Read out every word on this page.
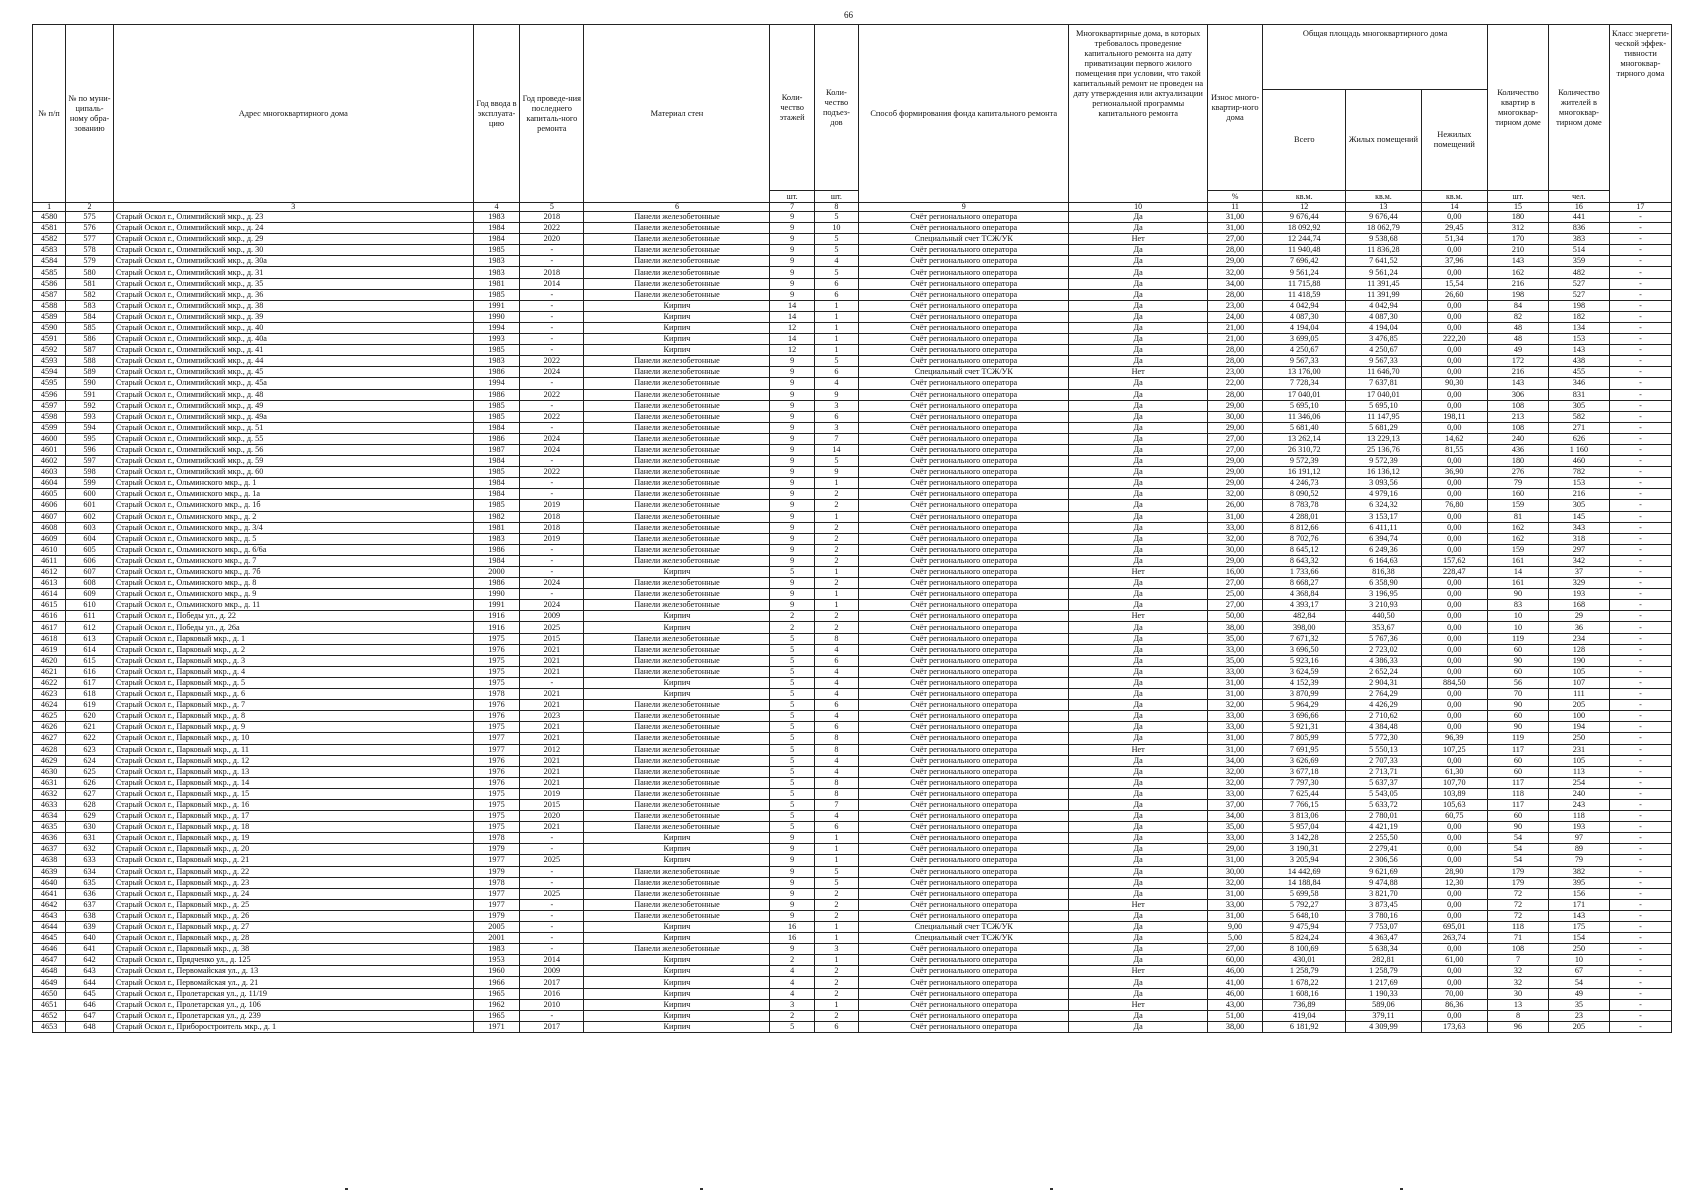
66
№ п/п	№ по муни-ципаль-ному обра-зованию	Адрес многоквартирного дома	Год ввода в эксплуата-цию	Год проведе-ния последнего капиталь-ного ремонта	Материал стен	Коли-чество этажей	Коли-чество подъез-дов	Способ формирования фонда капитального ремонта	Многоквартирные дома, в которых требовалось проведение капитального ремонта на дату приватизации первого жилого помещения при условии, что такой капитальный ремонт не проведен на дату утверждения или актуализации региональной программы капитального ремонта	Износ много-квартир-ного дома	Общая площадь многоквартирного дома			Количество квартир в многоквар-тирном доме	Количество жителей в многоквар-тирном доме	Класс энергети-ческой эффек-тивности многоквар-тирного дома
											Всего	Жилых помещений	Нежилых помещений			
						шт.	шт.			%	кв.м.	кв.м.	кв.м.	шт.	чел.	
1	2	3	4	5	6	7	8	9	10	11	12	13	14	15	16	17
4580	575	Старый Оскол г., Олимпийский мкр., д. 23	1983	2018	Панели железобетонные	9	5	Счёт регионального оператора	Да	31,00	9 676,44	9 676,44	0,00	180	441	-
4581	576	Старый Оскол г., Олимпийский мкр., д. 24	1984	2022	Панели железобетонные	9	10	Счёт регионального оператора	Да	31,00	18 092,92	18 062,79	29,45	312	836	-
4582	577	Старый Оскол г., Олимпийский мкр., д. 29	1984	2020	Панели железобетонные	9	5	Специальный счет ТСЖ/УК	Нет	27,00	12 244,74	9 538,68	51,34	170	383	-
4583	578	Старый Оскол г., Олимпийский мкр., д. 30	1985	-	Панели железобетонные	9	5	Счёт регионального оператора	Да	28,00	11 940,48	11 836,28	0,00	210	514	-
4584	579	Старый Оскол г., Олимпийский мкр., д. 30а	1983	-	Панели железобетонные	9	4	Счёт регионального оператора	Да	29,00	7 696,42	7 641,52	37,96	143	359	-
4585	580	Старый Оскол г., Олимпийский мкр., д. 31	1983	2018	Панели железобетонные	9	5	Счёт регионального оператора	Да	32,00	9 561,24	9 561,24	0,00	162	482	-
4586	581	Старый Оскол г., Олимпийский мкр., д. 35	1981	2014	Панели железобетонные	9	6	Счёт регионального оператора	Да	34,00	11 715,88	11 391,45	15,54	216	527	-
4587	582	Старый Оскол г., Олимпийский мкр., д. 36	1985	-	Панели железобетонные	9	6	Счёт регионального оператора	Да	28,00	11 418,59	11 391,99	26,60	198	527	-
4588	583	Старый Оскол г., Олимпийский мкр., д. 38	1991	-	Кирпич	14	1	Счёт регионального оператора	Да	23,00	4 042,94	4 042,94	0,00	84	198	-
4589	584	Старый Оскол г., Олимпийский мкр., д. 39	1990	-	Кирпич	14	1	Счёт регионального оператора	Да	24,00	4 087,30	4 087,30	0,00	82	182	-
4590	585	Старый Оскол г., Олимпийский мкр., д. 40	1994	-	Кирпич	12	1	Счёт регионального оператора	Да	21,00	4 194,04	4 194,04	0,00	48	134	-
4591	586	Старый Оскол г., Олимпийский мкр., д. 40а	1993	-	Кирпич	14	1	Счёт регионального оператора	Да	21,00	3 699,05	3 476,85	222,20	48	153	-
4592	587	Старый Оскол г., Олимпийский мкр., д. 41	1985	-	Кирпич	12	1	Счёт регионального оператора	Да	28,00	4 250,67	4 250,67	0,00	49	143	-
4593	588	Старый Оскол г., Олимпийский мкр., д. 44	1983	2022	Панели железобетонные	9	5	Счёт регионального оператора	Да	28,00	9 567,33	9 567,33	0,00	172	438	-
4594	589	Старый Оскол г., Олимпийский мкр., д. 45	1986	2024	Панели железобетонные	9	6	Специальный счет ТСЖ/УК	Нет	23,00	13 176,00	11 646,70	0,00	216	455	-
4595	590	Старый Оскол г., Олимпийский мкр., д. 45а	1994	-	Панели железобетонные	9	4	Счёт регионального оператора	Да	22,00	7 728,34	7 637,81	90,30	143	346	-
4596	591	Старый Оскол г., Олимпийский мкр., д. 48	1986	2022	Панели железобетонные	9	9	Счёт регионального оператора	Да	28,00	17 040,01	17 040,01	0,00	306	831	-
4597	592	Старый Оскол г., Олимпийский мкр., д. 49	1985	-	Панели железобетонные	9	3	Счёт регионального оператора	Да	29,00	5 695,10	5 695,10	0,00	108	305	-
4598	593	Старый Оскол г., Олимпийский мкр., д. 49а	1985	2022	Панели железобетонные	9	6	Счёт регионального оператора	Да	30,00	11 346,06	11 147,95	198,11	213	582	-
4599	594	Старый Оскол г., Олимпийский мкр., д. 51	1984	-	Панели железобетонные	9	3	Счёт регионального оператора	Да	29,00	5 681,40	5 681,29	0,00	108	271	-
4600	595	Старый Оскол г., Олимпийский мкр., д. 55	1986	2024	Панели железобетонные	9	7	Счёт регионального оператора	Да	27,00	13 262,14	13 229,13	14,62	240	626	-
4601	596	Старый Оскол г., Олимпийский мкр., д. 56	1987	2024	Панели железобетонные	9	14	Счёт регионального оператора	Да	27,00	26 310,72	25 136,76	81,55	436	1 160	-
4602	597	Старый Оскол г., Олимпийский мкр., д. 59	1984	-	Панели железобетонные	9	5	Счёт регионального оператора	Да	29,00	9 572,39	9 572,39	0,00	180	460	-
4603	598	Старый Оскол г., Олимпийский мкр., д. 60	1985	2022	Панели железобетонные	9	9	Счёт регионального оператора	Да	29,00	16 191,12	16 136,12	36,90	276	782	-
4604	599	Старый Оскол г., Ольминского мкр., д. 1	1984	-	Панели железобетонные	9	1	Счёт регионального оператора	Да	29,00	4 246,73	3 093,56	0,00	79	153	-
4605	600	Старый Оскол г., Ольминского мкр., д. 1а	1984	-	Панели железобетонные	9	2	Счёт регионального оператора	Да	32,00	8 090,52	4 979,16	0,00	160	216	-
4606	601	Старый Оскол г., Ольминского мкр., д. 1б	1985	2019	Панели железобетонные	9	2	Счёт регионального оператора	Да	26,00	8 783,78	6 324,32	76,80	159	305	-
4607	602	Старый Оскол г., Ольминского мкр., д. 2	1982	2018	Панели железобетонные	9	1	Счёт регионального оператора	Да	31,00	4 288,01	3 153,17	0,00	81	145	-
4608	603	Старый Оскол г., Ольминского мкр., д. 3/4	1981	2018	Панели железобетонные	9	2	Счёт регионального оператора	Да	33,00	8 812,66	6 411,11	0,00	162	343	-
4609	604	Старый Оскол г., Ольминского мкр., д. 5	1983	2019	Панели железобетонные	9	2	Счёт регионального оператора	Да	32,00	8 702,76	6 394,74	0,00	162	318	-
4610	605	Старый Оскол г., Ольминского мкр., д. 6/6а	1986	-	Панели железобетонные	9	2	Счёт регионального оператора	Да	30,00	8 645,12	6 249,36	0,00	159	297	-
4611	606	Старый Оскол г., Ольминского мкр., д. 7	1984	-	Панели железобетонные	9	2	Счёт регионального оператора	Да	29,00	8 643,32	6 164,63	157,62	161	342	-
4612	607	Старый Оскол г., Ольминского мкр., д. 7б	2000	-	Кирпич	5	1	Счёт регионального оператора	Нет	16,00	1 733,66	816,38	228,47	14	37	-
4613	608	Старый Оскол г., Ольминского мкр., д. 8	1986	2024	Панели железобетонные	9	2	Счёт регионального оператора	Да	27,00	8 668,27	6 358,90	0,00	161	329	-
4614	609	Старый Оскол г., Ольминского мкр., д. 9	1990	-	Панели железобетонные	9	1	Счёт регионального оператора	Да	25,00	4 368,84	3 196,95	0,00	90	193	-
4615	610	Старый Оскол г., Ольминского мкр., д. 11	1991	2024	Панели железобетонные	9	1	Счёт регионального оператора	Да	27,00	4 393,17	3 210,93	0,00	83	168	-
4616	611	Старый Оскол г., Победы ул., д. 22	1916	2009	Кирпич	2	2	Счёт регионального оператора	Нет	50,00	482,84	440,50	0,00	10	29	-
4617	612	Старый Оскол г., Победы ул., д. 26а	1916	2025	Кирпич	2	2	Счёт регионального оператора	Да	38,00	398,00	353,67	0,00	10	36	-
4618	613	Старый Оскол г., Парковый мкр., д. 1	1975	2015	Панели железобетонные	5	8	Счёт регионального оператора	Да	35,00	7 671,32	5 767,36	0,00	119	234	-
4619	614	Старый Оскол г., Парковый мкр., д. 2	1976	2021	Панели железобетонные	5	4	Счёт регионального оператора	Да	33,00	3 696,50	2 723,02	0,00	60	128	-
4620	615	Старый Оскол г., Парковый мкр., д. 3	1975	2021	Панели железобетонные	5	6	Счёт регионального оператора	Да	35,00	5 923,16	4 386,33	0,00	90	190	-
4621	616	Старый Оскол г., Парковый мкр., д. 4	1975	2021	Панели железобетонные	5	4	Счёт регионального оператора	Да	33,00	3 624,59	2 652,24	0,00	60	105	-
4622	617	Старый Оскол г., Парковый мкр., д. 5	1975	-	Кирпич	5	4	Счёт регионального оператора	Да	31,00	4 152,39	2 904,31	884,50	56	107	-
4623	618	Старый Оскол г., Парковый мкр., д. 6	1978	2021	Кирпич	5	4	Счёт регионального оператора	Да	31,00	3 870,99	2 764,29	0,00	70	111	-
4624	619	Старый Оскол г., Парковый мкр., д. 7	1976	2021	Панели железобетонные	5	6	Счёт регионального оператора	Да	32,00	5 964,29	4 426,29	0,00	90	205	-
4625	620	Старый Оскол г., Парковый мкр., д. 8	1976	2023	Панели железобетонные	5	4	Счёт регионального оператора	Да	33,00	3 696,66	2 710,62	0,00	60	100	-
4626	621	Старый Оскол г., Парковый мкр., д. 9	1975	2021	Панели железобетонные	5	6	Счёт регионального оператора	Да	33,00	5 921,31	4 384,48	0,00	90	194	-
4627	622	Старый Оскол г., Парковый мкр., д. 10	1977	2021	Панели железобетонные	5	8	Счёт регионального оператора	Да	31,00	7 805,99	5 772,30	96,39	119	250	-
4628	623	Старый Оскол г., Парковый мкр., д. 11	1977	2012	Панели железобетонные	5	8	Счёт регионального оператора	Нет	31,00	7 691,95	5 550,13	107,25	117	231	-
4629	624	Старый Оскол г., Парковый мкр., д. 12	1976	2021	Панели железобетонные	5	4	Счёт регионального оператора	Да	34,00	3 626,69	2 707,33	0,00	60	105	-
4630	625	Старый Оскол г., Парковый мкр., д. 13	1976	2021	Панели железобетонные	5	4	Счёт регионального оператора	Да	32,00	3 677,18	2 713,71	61,30	60	113	-
4631	626	Старый Оскол г., Парковый мкр., д. 14	1976	2021	Панели железобетонные	5	8	Счёт регионального оператора	Да	32,00	7 797,30	5 637,37	107,70	117	254	-
4632	627	Старый Оскол г., Парковый мкр., д. 15	1975	2019	Панели железобетонные	5	8	Счёт регионального оператора	Да	33,00	7 625,44	5 543,05	103,89	118	240	-
4633	628	Старый Оскол г., Парковый мкр., д. 16	1975	2015	Панели железобетонные	5	7	Счёт регионального оператора	Да	37,00	7 766,15	5 633,72	105,63	117	243	-
4634	629	Старый Оскол г., Парковый мкр., д. 17	1975	2020	Панели железобетонные	5	4	Счёт регионального оператора	Да	34,00	3 813,06	2 780,01	60,75	60	118	-
4635	630	Старый Оскол г., Парковый мкр., д. 18	1975	2021	Панели железобетонные	5	6	Счёт регионального оператора	Да	35,00	5 957,04	4 421,19	0,00	90	193	-
4636	631	Старый Оскол г., Парковый мкр., д. 19	1978	-	Кирпич	9	1	Счёт регионального оператора	Да	33,00	3 142,28	2 255,50	0,00	54	97	-
4637	632	Старый Оскол г., Парковый мкр., д. 20	1979	-	Кирпич	9	1	Счёт регионального оператора	Да	29,00	3 190,31	2 279,41	0,00	54	89	-
4638	633	Старый Оскол г., Парковый мкр., д. 21	1977	2025	Кирпич	9	1	Счёт регионального оператора	Да	31,00	3 205,94	2 306,56	0,00	54	79	-
4639	634	Старый Оскол г., Парковый мкр., д. 22	1979	-	Панели железобетонные	9	5	Счёт регионального оператора	Да	30,00	14 442,69	9 621,69	28,90	179	382	-
4640	635	Старый Оскол г., Парковый мкр., д. 23	1978	-	Панели железобетонные	9	5	Счёт регионального оператора	Да	32,00	14 188,84	9 474,88	12,30	179	395	-
4641	636	Старый Оскол г., Парковый мкр., д. 24	1977	2025	Панели железобетонные	9	2	Счёт регионального оператора	Да	31,00	5 699,58	3 821,70	0,00	72	156	-
4642	637	Старый Оскол г., Парковый мкр., д. 25	1977	-	Панели железобетонные	9	2	Счёт регионального оператора	Нет	33,00	5 792,27	3 873,45	0,00	72	171	-
4643	638	Старый Оскол г., Парковый мкр., д. 26	1979	-	Панели железобетонные	9	2	Счёт регионального оператора	Да	31,00	5 648,10	3 780,16	0,00	72	143	-
4644	639	Старый Оскол г., Парковый мкр., д. 27	2005	-	Кирпич	16	1	Специальный счет ТСЖ/УК	Да	9,00	9 475,94	7 753,07	695,01	118	175	-
4645	640	Старый Оскол г., Парковый мкр., д. 28	2001	-	Кирпич	16	1	Специальный счет ТСЖ/УК	Да	5,00	5 824,24	4 363,47	263,74	71	154	-
4646	641	Старый Оскол г., Парковый мкр., д. 38	1983	-	Панели железобетонные	9	3	Счёт регионального оператора	Да	27,00	8 100,69	5 638,34	0,00	108	250	-
4647	642	Старый Оскол г., Прядченко ул., д. 125	1953	2014	Кирпич	2	1	Счёт регионального оператора	Да	60,00	430,01	282,81	61,00	7	10	-
4648	643	Старый Оскол г., Первомайская ул., д. 13	1960	2009	Кирпич	4	2	Счёт регионального оператора	Нет	46,00	1 258,79	1 258,79	0,00	32	67	-
4649	644	Старый Оскол г., Первомайская ул., д. 21	1966	2017	Кирпич	4	2	Счёт регионального оператора	Да	41,00	1 678,22	1 217,69	0,00	32	54	-
4650	645	Старый Оскол г., Пролетарская ул., д. 11/19	1965	2016	Кирпич	4	2	Счёт регионального оператора	Да	46,00	1 608,16	1 190,33	70,00	30	49	-
4651	646	Старый Оскол г., Пролетарская ул., д. 106	1962	2010	Кирпич	3	1	Счёт регионального оператора	Нет	43,00	736,89	589,06	86,36	13	35	-
4652	647	Старый Оскол г., Пролетарская ул., д. 239	1965	-	Кирпич	2	2	Счёт регионального оператора	Да	51,00	419,04	379,11	0,00	8	23	-
4653	648	Старый Оскол г., Приборостроитель мкр., д. 1	1971	2017	Кирпич	5	6	Счёт регионального оператора	Да	38,00	6 181,92	4 309,99	173,63	96	205	-
